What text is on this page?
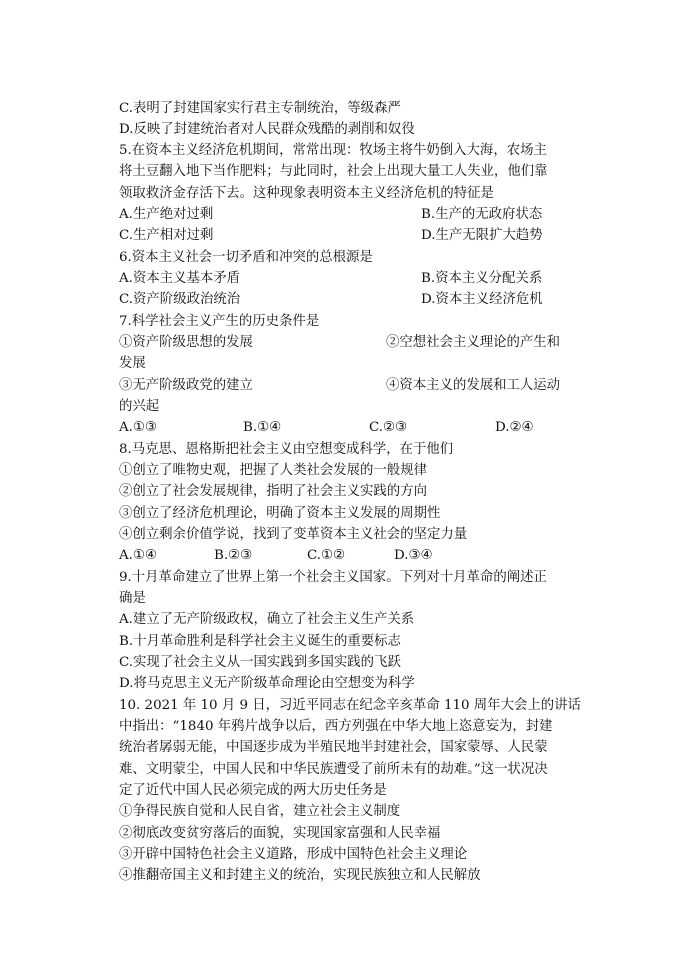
C.表明了封建国家实行君主专制统治，等级森严
D.反映了封建统治者对人民群众残酷的剥削和奴役
5.在资本主义经济危机期间，常常出现：牧场主将牛奶倒入大海，农场主
将土豆翻入地下当作肥料；与此同时，社会上出现大量工人失业，他们靠
领取救济金存活下去。这种现象表明资本主义经济危机的特征是
A.生产绝对过剩	B.生产的无政府状态
C.生产相对过剩	D.生产无限扩大趋势
6.资本主义社会一切矛盾和冲突的总根源是
A.资本主义基本矛盾	B.资本主义分配关系
C.资产阶级政治统治	D.资本主义经济危机
7.科学社会主义产生的历史条件是
①资产阶级思想的发展	②空想社会主义理论的产生和
发展
③无产阶级政党的建立	④资本主义的发展和工人运动
的兴起
A.①③	B.①④	C.②③	D.②④
8.马克思、恩格斯把社会主义由空想变成科学，在于他们
①创立了唯物史观，把握了人类社会发展的一般规律
②创立了社会发展规律，指明了社会主义实践的方向
③创立了经济危机理论，明确了资本主义发展的周期性
④创立剩余价值学说，找到了变革资本主义社会的坚定力量
A.①④	B.②③	C.①②	D.③④
9.十月革命建立了世界上第一个社会主义国家。下列对十月革命的阐述正
确是
A.建立了无产阶级政权，确立了社会主义生产关系
B.十月革命胜利是科学社会主义诞生的重要标志
C.实现了社会主义从一国实践到多国实践的飞跃
D.将马克思主义无产阶级革命理论由空想变为科学
10. 2021 年 10 月 9 日，习近平同志在纪念辛亥革命 110 周年大会上的讲话
中指出：“1840 年鸦片战争以后，西方列强在中华大地上恣意妄为，封建
统治者孱弱无能，中国逐步成为半殖民地半封建社会，国家蒙辱、人民蒙
难、文明蒙尘，中国人民和中华民族遭受了前所未有的劫难。”这一状况决
定了近代中国人民必须完成的两大历史任务是
①争得民族自觉和人民自省，建立社会主义制度
②彻底改变贫穷落后的面貌，实现国家富强和人民幸福
③开辟中国特色社会主义道路，形成中国特色社会主义理论
④推翻帝国主义和封建主义的统治，实现民族独立和人民解放
